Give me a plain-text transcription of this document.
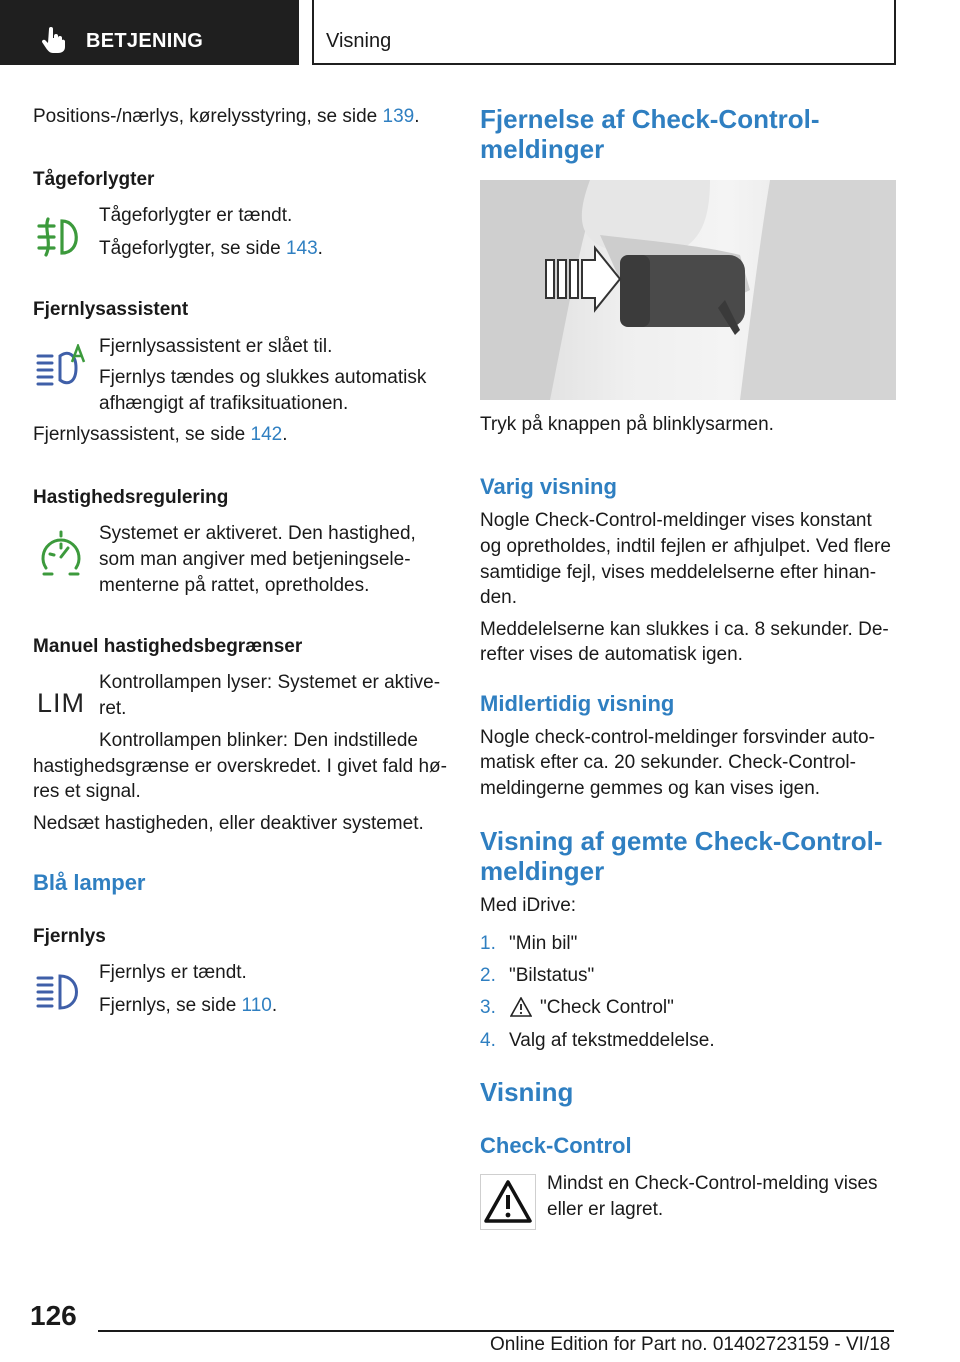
BETJENING	Visning
Positions-/nærlys, kørelysstyring, se side 139.
Tågeforlygter
Tågeforlygter er tændt.
Tågeforlygter, se side 143.
Fjernlysassistent
Fjernlysassistent er slået til.
Fjernlys tændes og slukkes automatisk
afhængigt af trafiksituationen.
Fjernlysassistent, se side 142.
Hastighedsregulering
Systemet er aktiveret. Den hastighed,
som man angiver med betjeningsele-
menterne på rattet, opretholdes.
Manuel hastighedsbegrænser
LIM
Kontrollampen lyser: Systemet er aktive-
ret.
Kontrollampen blinker: Den indstillede
hastighedsgrænse er overskredet. I givet fald hø-
res et signal.
Nedsæt hastigheden, eller deaktiver systemet.
Blå lamper
Fjernlys
Fjernlys er tændt.
Fjernlys, se side 110.
Fjernelse af Check-Control-
meldinger
Tryk på knappen på blinklysarmen.
Varig visning
Nogle Check-Control-meldinger vises konstant
og opretholdes, indtil fejlen er afhjulpet. Ved flere
samtidige fejl, vises meddelelserne efter hinan-
den.
Meddelelserne kan slukkes i ca. 8 sekunder. De-
refter vises de automatisk igen.
Midlertidig visning
Nogle check-control-meldinger forsvinder auto-
matisk efter ca. 20 sekunder. Check-Control-
meldingerne gemmes og kan vises igen.
Visning af gemte Check-Control-
meldinger
Med iDrive:
1. "Min bil"
2. "Bilstatus"
3. "Check Control"
4. Valg af tekstmeddelelse.
Visning
Check-Control
Mindst en Check-Control-melding vises
eller er lagret.
126
Online Edition for Part no. 01402723159 - VI/18
